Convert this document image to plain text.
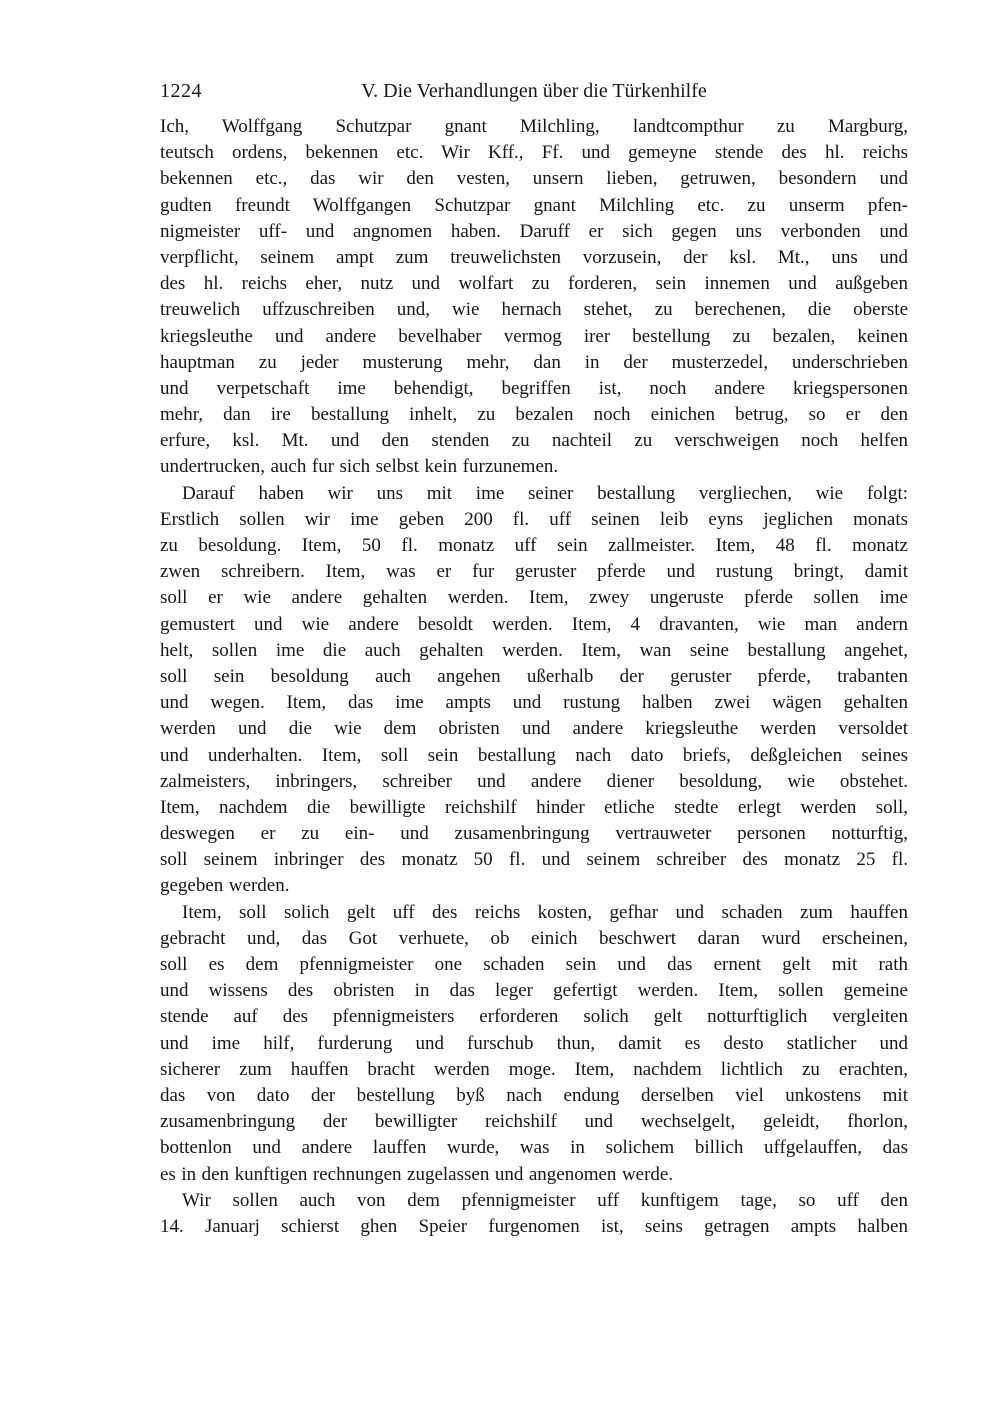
1224	V. Die Verhandlungen über die Türkenhilfe
Ich, Wolffgang Schutzpar gnant Milchling, landtcompthur zu Margburg,
teutsch ordens, bekennen etc. Wir Kff., Ff. und gemeyne stende des hl. reichs
bekennen etc., das wir den vesten, unsern lieben, getruwen, besondern und
gudten freundt Wolffgangen Schutzpar gnant Milchling etc. zu unserm pfen-
nigmeister uff- und angnomen haben. Daruff er sich gegen uns verbonden und
verpflicht, seinem ampt zum treuwelichsten vorzusein, der ksl. Mt., uns und
des hl. reichs eher, nutz und wolfart zu forderen, sein innemen und außgeben
treuwelich uffzuschreiben und, wie hernach stehet, zu berechenen, die oberste
kriegsleuthe und andere bevelhaber vermog irer bestellung zu bezalen, keinen
hauptman zu jeder musterung mehr, dan in der musterzedel, underschrieben
und verpetschaft ime behendigt, begriffen ist, noch andere kriegspersonen
mehr, dan ire bestallung inhelt, zu bezalen noch einichen betrug, so er den
erfure, ksl. Mt. und den stenden zu nachteil zu verschweigen noch helfen
undertrucken, auch fur sich selbst kein furzunemen.
Darauf haben wir uns mit ime seiner bestallung vergliechen, wie folgt:
Erstlich sollen wir ime geben 200 fl. uff seinen leib eyns jeglichen monats
zu besoldung. Item, 50 fl. monatz uff sein zallmeister. Item, 48 fl. monatz
zwen schreibern. Item, was er fur geruster pferde und rustung bringt, damit
soll er wie andere gehalten werden. Item, zwey ungeruste pferde sollen ime
gemustert und wie andere besoldt werden. Item, 4 dravanten, wie man andern
helt, sollen ime die auch gehalten werden. Item, wan seine bestallung angehet,
soll sein besoldung auch angehen ußerhalb der geruster pferde, trabanten
und wegen. Item, das ime ampts und rustung halben zwei wägen gehalten
werden und die wie dem obristen und andere kriegsleuthe werden versoldet
und underhalten. Item, soll sein bestallung nach dato briefs, deßgleichen seines
zalmeisters, inbringers, schreiber und andere diener besoldung, wie obstehet.
Item, nachdem die bewilligte reichshilf hinder etliche stedte erlegt werden soll,
deswegen er zu ein- und zusamenbringung vertrauweter personen notturftig,
soll seinem inbringer des monatz 50 fl. und seinem schreiber des monatz 25 fl.
gegeben werden.
Item, soll solich gelt uff des reichs kosten, gefhar und schaden zum hauffen
gebracht und, das Got verhuete, ob einich beschwert daran wurd erscheinen,
soll es dem pfennigmeister one schaden sein und das ernent gelt mit rath
und wissens des obristen in das leger gefertigt werden. Item, sollen gemeine
stende auf des pfennigmeisters erforderen solich gelt notturftiglich vergleiten
und ime hilf, furderung und furschub thun, damit es desto statlicher und
sicherer zum hauffen bracht werden moge. Item, nachdem lichtlich zu erachten,
das von dato der bestellung byß nach endung derselben viel unkostens mit
zusamenbringung der bewilligter reichshilf und wechselgelt, geleidt, fhorlon,
bottenlon und andere lauffen wurde, was in solichem billich uffgelauffen, das
es in den kunftigen rechnungen zugelassen und angenomen werde.
Wir sollen auch von dem pfennigmeister uff kunftigem tage, so uff den
14. Januarj schierst ghen Speier furgenomen ist, seins getragen ampts halben
